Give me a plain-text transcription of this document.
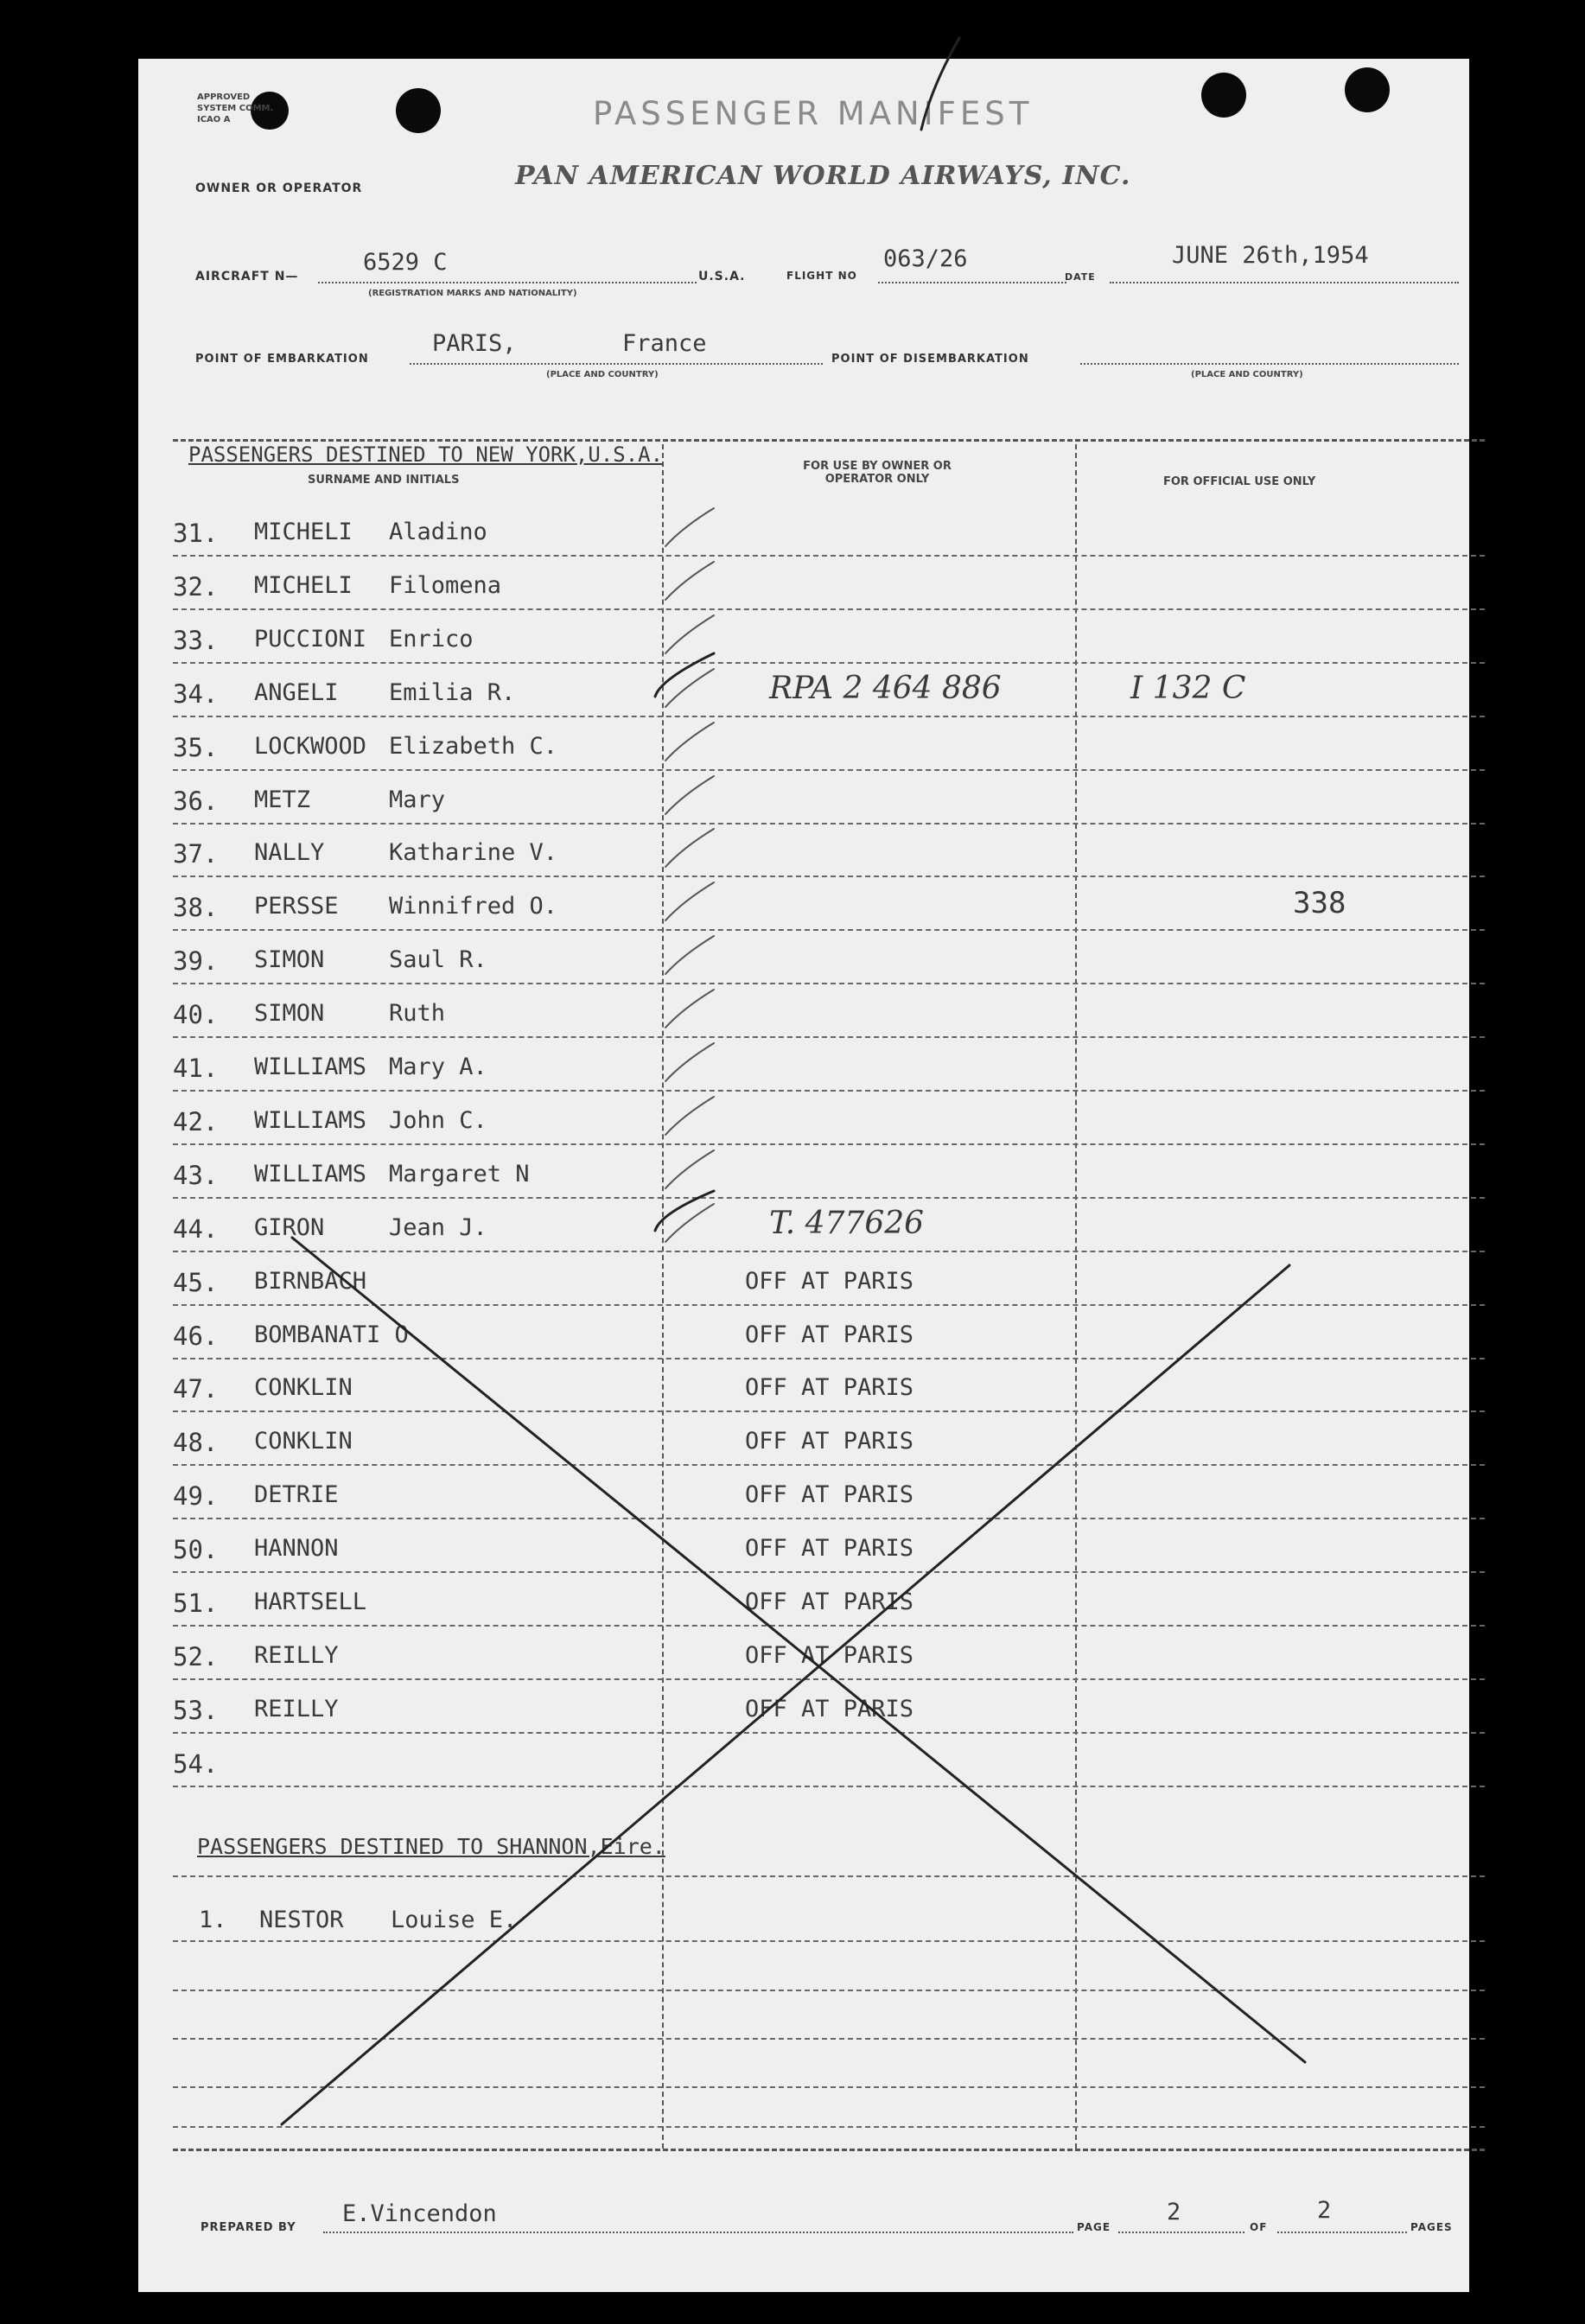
APPROVED
SYSTEM COMM.
ICAO A	PASSENGER MANIFEST
OWNER OR OPERATOR	PAN AMERICAN WORLD AIRWAYS, INC.
AIRCRAFT N—
6529 C
(REGISTRATION MARKS AND NATIONALITY)
U.S.A.	FLIGHT NO
063/26
DATE
JUNE 26th,1954
POINT OF EMBARKATION
PARIS,	France
(PLACE AND COUNTRY)
POINT OF DISEMBARKATION
(PLACE AND COUNTRY)
PASSENGERS DESTINED TO NEW YORK,U.S.A.
SURNAME AND INITIALS
FOR USE BY OWNER OR OPERATOR ONLY	FOR OFFICIAL USE ONLY
31. MICHELI Aladino
32. MICHELI Filomena
33. PUCCIONI Enrico
34. ANGELI Emilia R.	RPA 2 464 886	I 132 C
35. LOCKWOOD Elizabeth C.
36. METZ	Mary
37. NALLY	Katharine V.
38. PERSSE Winnifred O.	338
39. SIMON	Saul R.
40. SIMON	Ruth
41. WILLIAMS Mary A.
42. WILLIAMS John C.
43. WILLIAMS Margaret N
44. GIRON	Jean J.	T. 477626
45. BIRNBACH	OFF AT PARIS
46. BOMBANATI O	OFF AT PARIS
47. CONKLIN	OFF AT PARIS
48. CONKLIN	OFF AT PARIS
49. DETRIE	OFF AT PARIS
50. HANNON	OFF AT PARIS
51. HARTSELL	OFF AT PARIS
52. REILLY	OFF AT PARIS
53. REILLY	OFF AT PARIS
54.
PASSENGERS DESTINED TO SHANNON,Eire.
1. NESTOR Louise E.
PREPARED BY
E.Vincendon	PAGE
2
OF
2
PAGES
